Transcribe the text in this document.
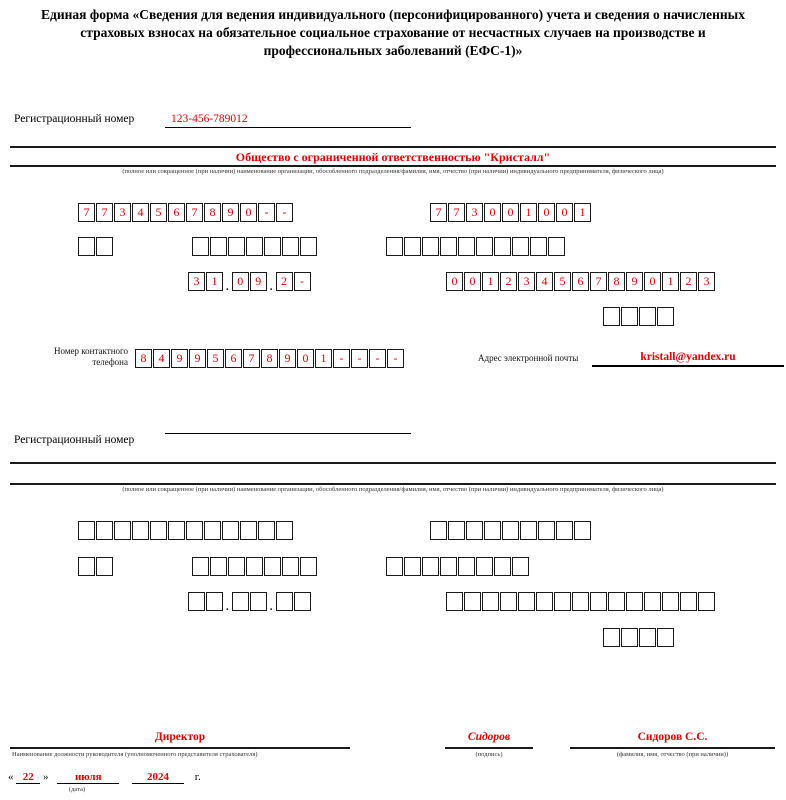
Единая форма «Сведения для ведения индивидуального (персонифицированного) учета и сведения о начисленных страховых взносах на обязательное социальное страхование от несчастных случаев на производстве и профессиональных заболеваний (ЕФС-1)»
Регистрационный номер	123-456-789012
Общество с ограниченной ответственностью "Кристалл"
(полное или сокращенное (при наличии) наименование организации, обособленного подразделения/фамилия, имя, отчество (при наличии) индивидуального предпринимателя, физического лица)
7	7	3	4	5	6	7	8	9	0	-	-	7	7	3	0	0	1	0	0	1
3	1 . 0	9 . 2	-	0	0	1	2	3	4	5	6	7	8	9	0	1	2	3
Номер контактного телефона	8	4	9	9	5	6	7	8	9	0	1	-	-	-	-	Адрес электронной почты	kristall@yandex.ru
Регистрационный номер
(полное или сокращенное (при наличии) наименование организации, обособленного подразделения/фамилия, имя, отчество (при наличии) индивидуального предпринимателя, физического лица)
.	.
Директор
Наименование должности руководителя (уполномоченного представителя страхователя)
Сидоров
(подпись)
Сидоров С.С.
(фамилия, имя, отчество (при наличии))
« 22 » июля	2024 г.
(дата)
